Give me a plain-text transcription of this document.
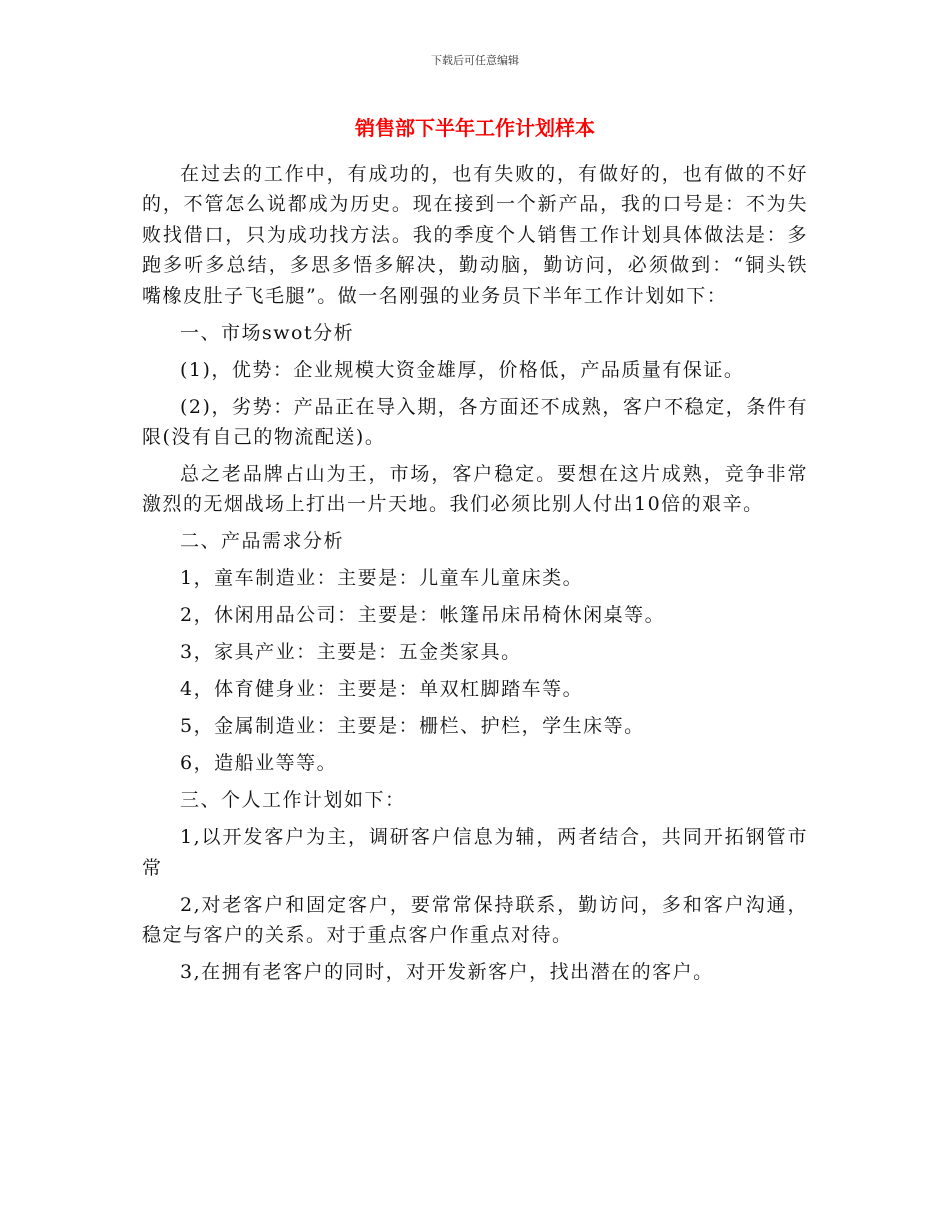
下载后可任意编辑
销售部下半年工作计划样本

在过去的工作中，有成功的，也有失败的，有做好的，也有做的不好的，不管怎么说都成为历史。现在接到一个新产品，我的口号是：不为失败找借口，只为成功找方法。我的季度个人销售工作计划具体做法是：多跑多听多总结，多思多悟多解决，勤动脑，勤访问，必须做到：“铜头铁嘴橡皮肚子飞毛腿”。做一名刚强的业务员下半年工作计划如下：

一、市场swot分析

(1)，优势：企业规模大资金雄厚，价格低，产品质量有保证。

(2)，劣势：产品正在导入期，各方面还不成熟，客户不稳定，条件有限(没有自己的物流配送)。

总之老品牌占山为王，市场，客户稳定。要想在这片成熟，竞争非常激烈的无烟战场上打出一片天地。我们必须比别人付出10倍的艰辛。

二、产品需求分析

1，童车制造业：主要是：儿童车儿童床类。

2，休闲用品公司：主要是：帐篷吊床吊椅休闲桌等。

3，家具产业：主要是：五金类家具。

4，体育健身业：主要是：单双杠脚踏车等。

5，金属制造业：主要是：栅栏、护栏，学生床等。

6，造船业等等。

三、个人工作计划如下：

1,以开发客户为主，调研客户信息为辅，两者结合，共同开拓钢管市常

2,对老客户和固定客户，要常常保持联系，勤访问，多和客户沟通，稳定与客户的关系。对于重点客户作重点对待。

3,在拥有老客户的同时，对开发新客户，找出潜在的客户。
